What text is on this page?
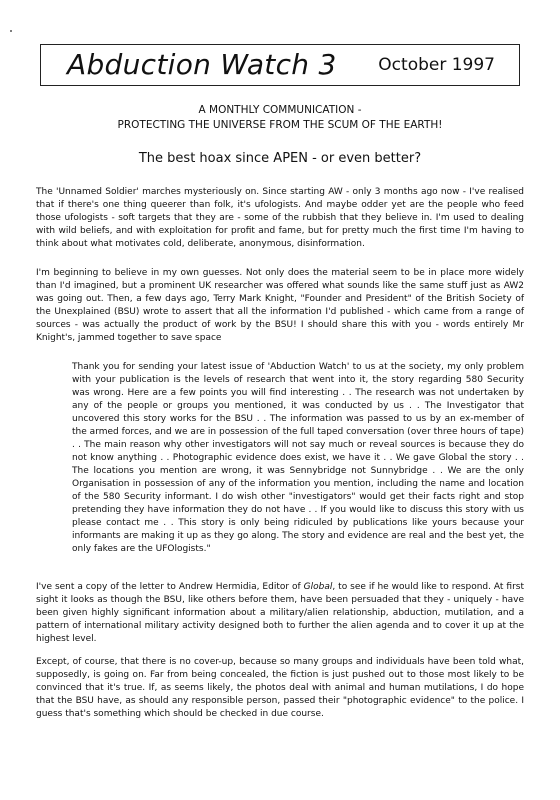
Abduction Watch 3 October 1997
A MONTHLY COMMUNICATION -
PROTECTING THE UNIVERSE FROM THE SCUM OF THE EARTH!
The best hoax since APEN - or even better?

The 'Unnamed Soldier' marches mysteriously on. Since starting AW - only 3 months ago now - I've realised that if there's one thing queerer than folk, it's ufologists. And maybe odder yet are the people who feed those ufologists - soft targets that they are - some of the rubbish that they believe in. I'm used to dealing with wild beliefs, and with exploitation for profit and fame, but for pretty much the first time I'm having to think about what motivates cold, deliberate, anonymous, disinformation.

I'm beginning to believe in my own guesses. Not only does the material seem to be in place more widely than I'd imagined, but a prominent UK researcher was offered what sounds like the same stuff just as AW2 was going out. Then, a few days ago, Terry Mark Knight, "Founder and President" of the British Society of the Unexplained (BSU) wrote to assert that all the information I'd published - which came from a range of sources - was actually the product of work by the BSU! I should share this with you - words entirely Mr Knight's, jammed together to save space

Thank you for sending your latest issue of 'Abduction Watch' to us at the society, my only problem with your publication is the levels of research that went into it, the story regarding 580 Security was wrong. Here are a few points you will find interesting . . The research was not undertaken by any of the people or groups you mentioned, it was conducted by us . . The Investigator that uncovered this story works for the BSU . . The information was passed to us by an ex-member of the armed forces, and we are in possession of the full taped conversation (over three hours of tape) . . The main reason why other investigators will not say much or reveal sources is because they do not know anything . . Photographic evidence does exist, we have it . . We gave Global the story . . The locations you mention are wrong, it was Sennybridge not Sunnybridge . . We are the only Organisation in possession of any of the information you mention, including the name and location of the 580 Security informant. I do wish other "investigators" would get their facts right and stop pretending they have information they do not have . . If you would like to discuss this story with us please contact me . . This story is only being ridiculed by publications like yours because your informants are making it up as they go along. The story and evidence are real and the best yet, the only fakes are the UFOlogists."

I've sent a copy of the letter to Andrew Hermidia, Editor of Global, to see if he would like to respond. At first sight it looks as though the BSU, like others before them, have been persuaded that they - uniquely - have been given highly significant information about a military/alien relationship, abduction, mutilation, and a pattern of international military activity designed both to further the alien agenda and to cover it up at the highest level.

Except, of course, that there is no cover-up, because so many groups and individuals have been told what, supposedly, is going on. Far from being concealed, the fiction is just pushed out to those most likely to be convinced that it's true. If, as seems likely, the photos deal with animal and human mutilations, I do hope that the BSU have, as should any responsible person, passed their "photographic evidence" to the police. I guess that's something which should be checked in due course.
